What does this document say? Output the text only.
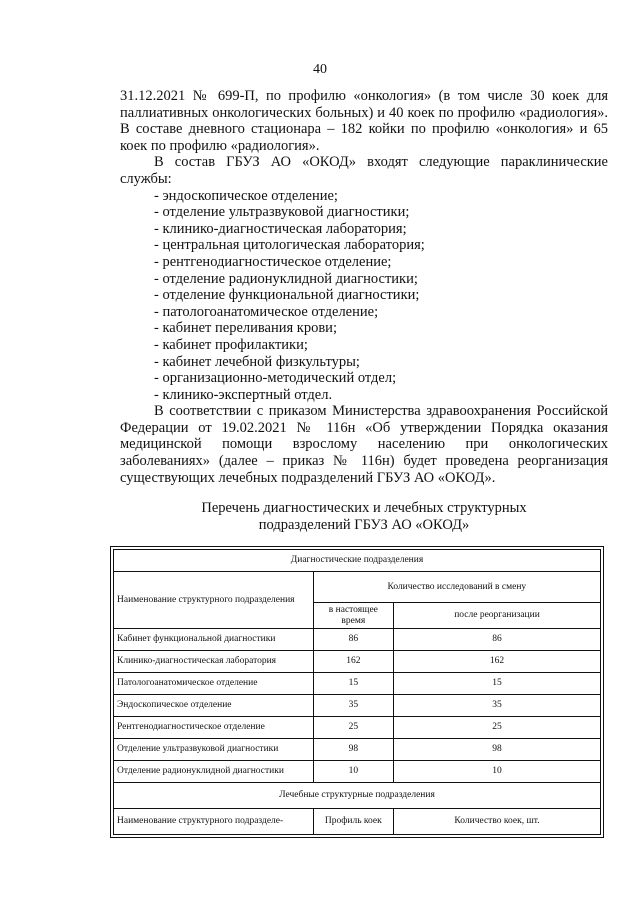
40

31.12.2021 № 699-П, по профилю «онкология» (в том числе 30 коек для паллиативных онкологических больных) и 40 коек по профилю «радиология». В составе дневного стационара – 182 койки по профилю «онкология» и 65 коек по профилю «радиология».

В состав ГБУЗ АО «ОКОД» входят следующие параклинические службы:

- эндоскопическое отделение;
- отделение ультразвуковой диагностики;
- клинико-диагностическая лаборатория;
- центральная цитологическая лаборатория;
- рентгенодиагностическое отделение;
- отделение радионуклидной диагностики;
- отделение функциональной диагностики;
- патологоанатомическое отделение;
- кабинет переливания крови;
- кабинет профилактики;
- кабинет лечебной физкультуры;
- организационно-методический отдел;
- клинико-экспертный отдел.

В соответствии с приказом Министерства здравоохранения Российской Федерации от 19.02.2021 № 116н «Об утверждении Порядка оказания медицинской помощи взрослому населению при онкологических заболеваниях» (далее – приказ № 116н) будет проведена реорганизация существующих лечебных подразделений ГБУЗ АО «ОКОД».

Перечень диагностических и лечебных структурных
подразделений ГБУЗ АО «ОКОД»
Диагностические подразделения		
Наименование структурного подразделения	Количество исследований в смену	
	в настоящее время	после реорганизации
Кабинет функциональной диагностики	86	86
Клинико-диагностическая лаборатория	162	162
Патологоанатомическое отделение	15	15
Эндоскопическое отделение	35	35
Рентгенодиагностическое отделение	25	25
Отделение ультразвуковой диагностики	98	98
Отделение радионуклидной диагностики	10	10
Лечебные структурные подразделения		
Наименование структурного подразделе-	Профиль коек	Количество коек, шт.
